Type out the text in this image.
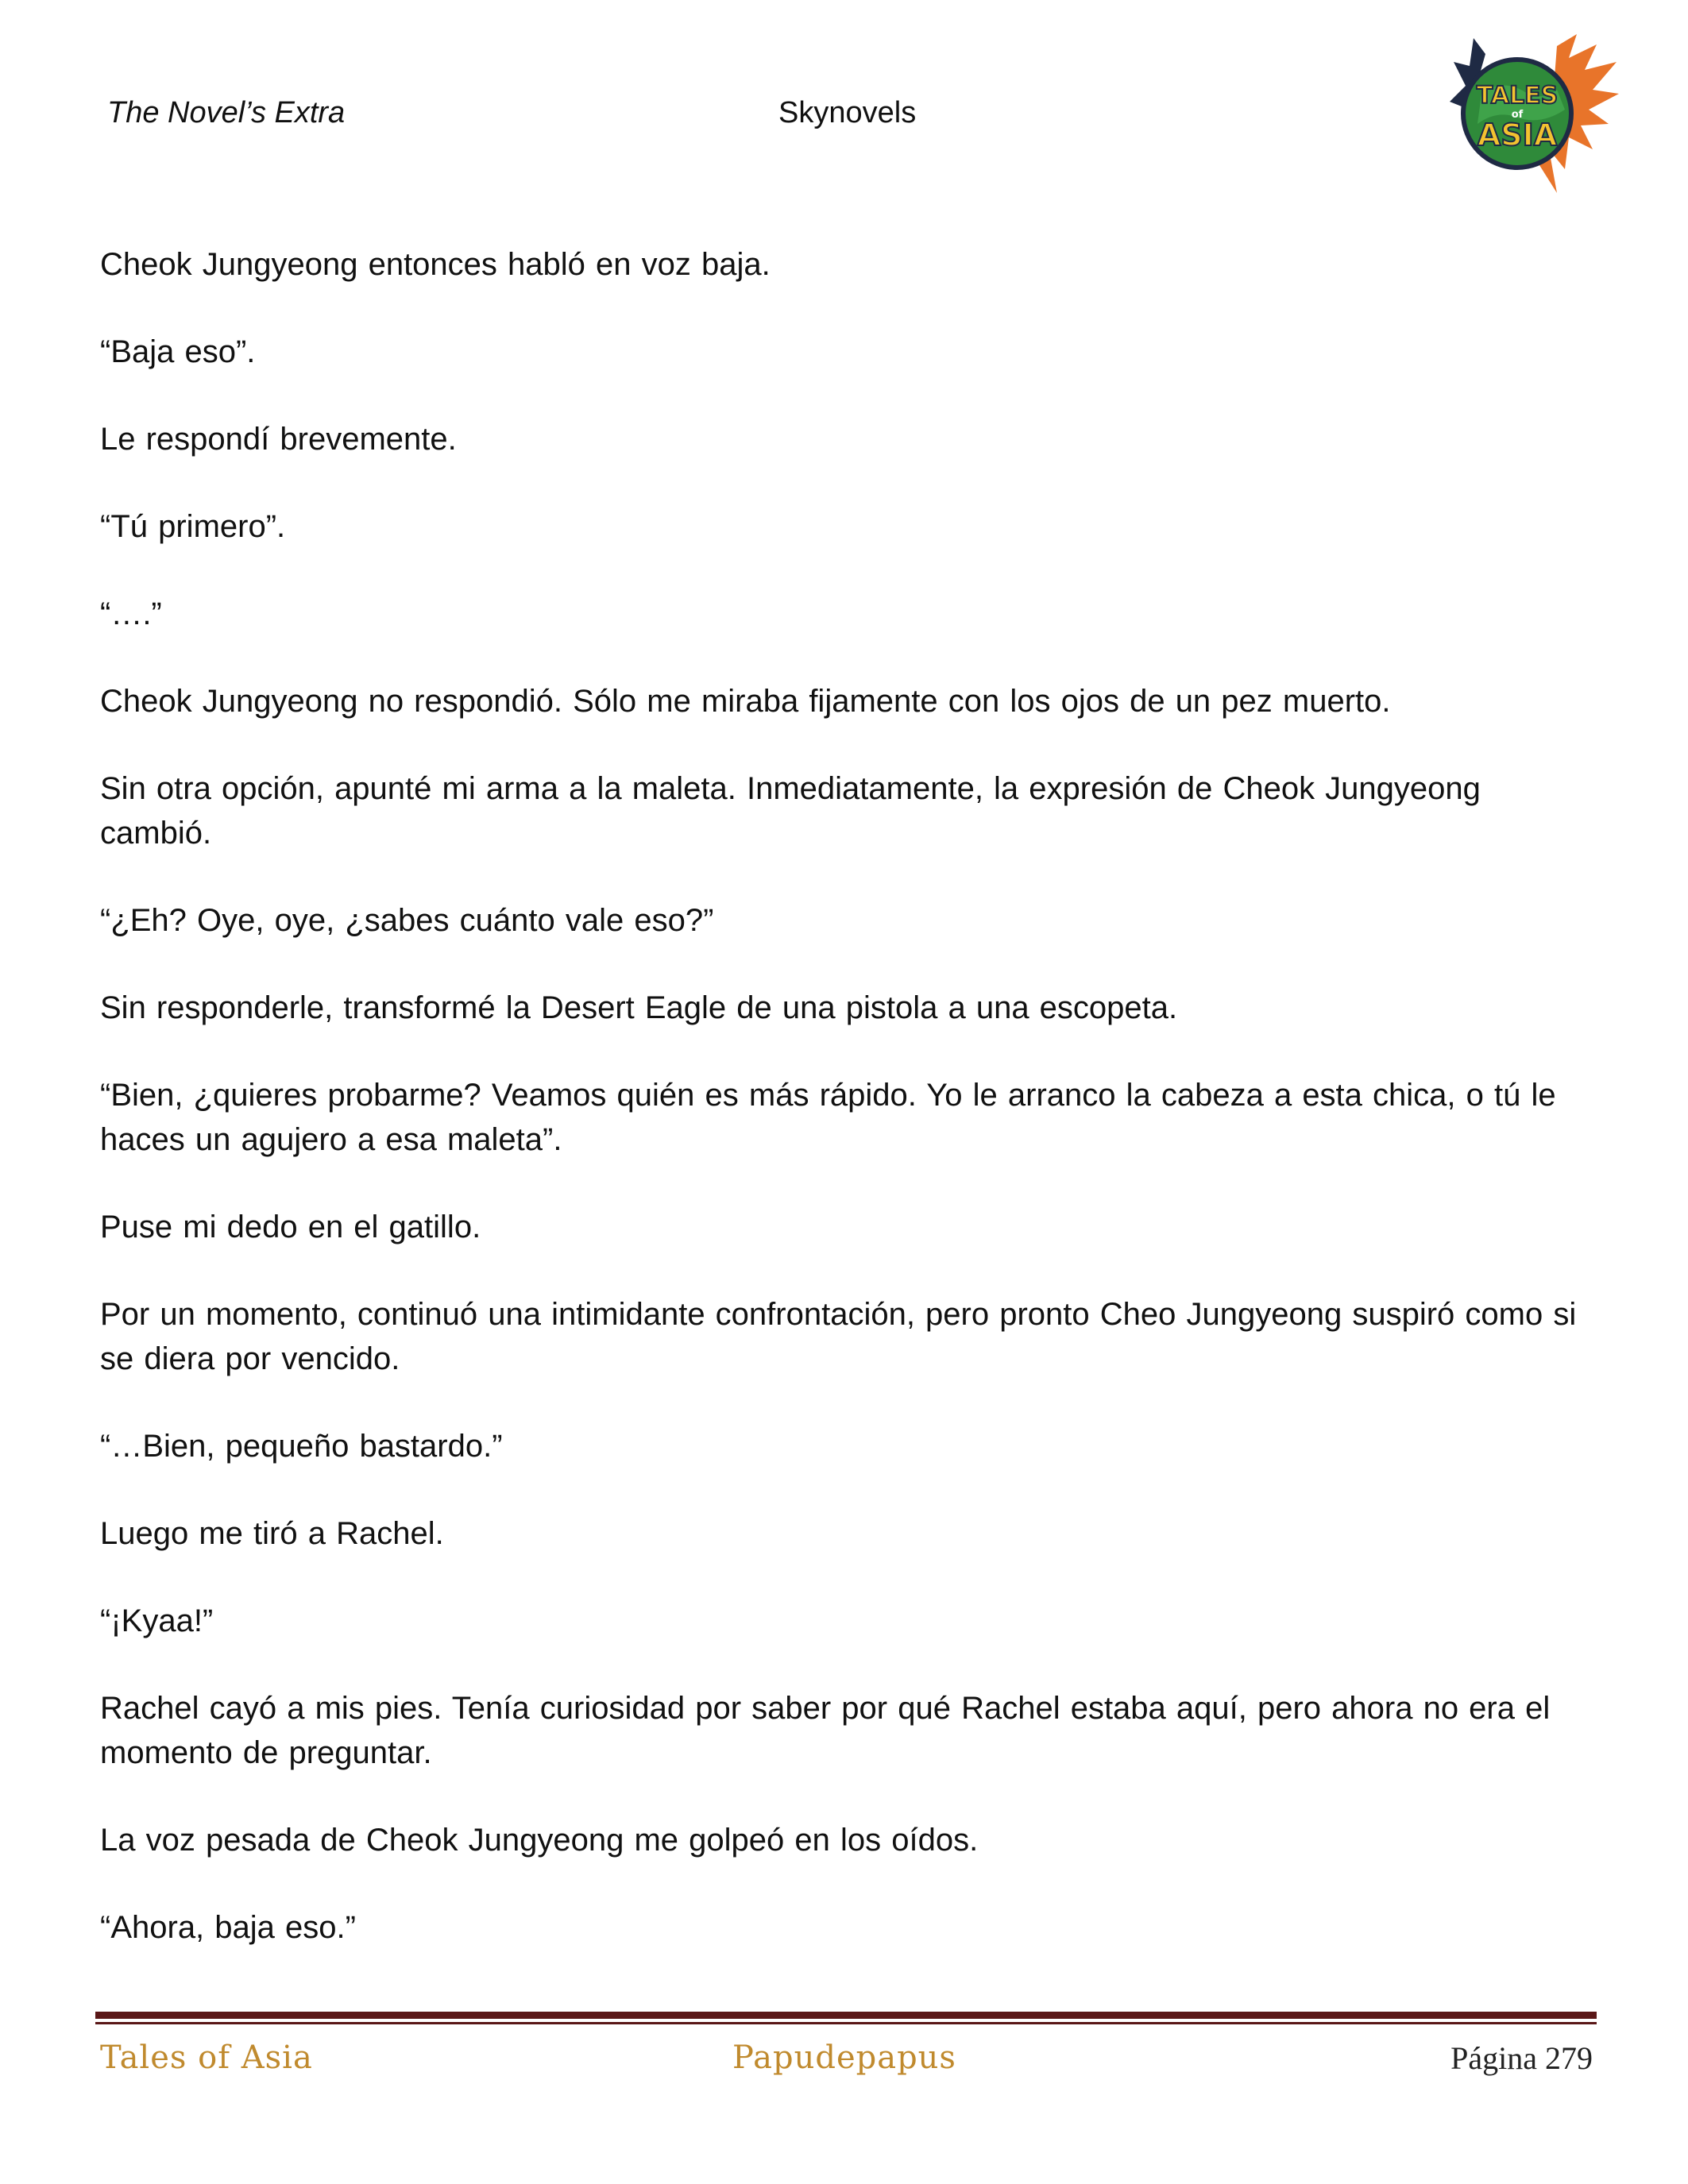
The Novel’s Extra	Skynovels
TALES
of
ASIA

Cheok Jungyeong entonces habló en voz baja.

“Baja eso”.

Le respondí brevemente.

“Tú primero”.

“….”

Cheok Jungyeong no respondió. Sólo me miraba fijamente con los ojos de un pez muerto.

Sin otra opción, apunté mi arma a la maleta. Inmediatamente, la expresión de Cheok Jungyeong cambió.

“¿Eh? Oye, oye, ¿sabes cuánto vale eso?”

Sin responderle, transformé la Desert Eagle de una pistola a una escopeta.

“Bien, ¿quieres probarme? Veamos quién es más rápido. Yo le arranco la cabeza a esta chica, o tú le haces un agujero a esa maleta”.

Puse mi dedo en el gatillo.

Por un momento, continuó una intimidante confrontación, pero pronto Cheo Jungyeong suspiró como si se diera por vencido.

“…Bien, pequeño bastardo.”

Luego me tiró a Rachel.

“¡Kyaa!”

Rachel cayó a mis pies. Tenía curiosidad por saber por qué Rachel estaba aquí, pero ahora no era el momento de preguntar.

La voz pesada de Cheok Jungyeong me golpeó en los oídos.

“Ahora, baja eso.”

Tales of Asia	Papudepapus	Página 279
